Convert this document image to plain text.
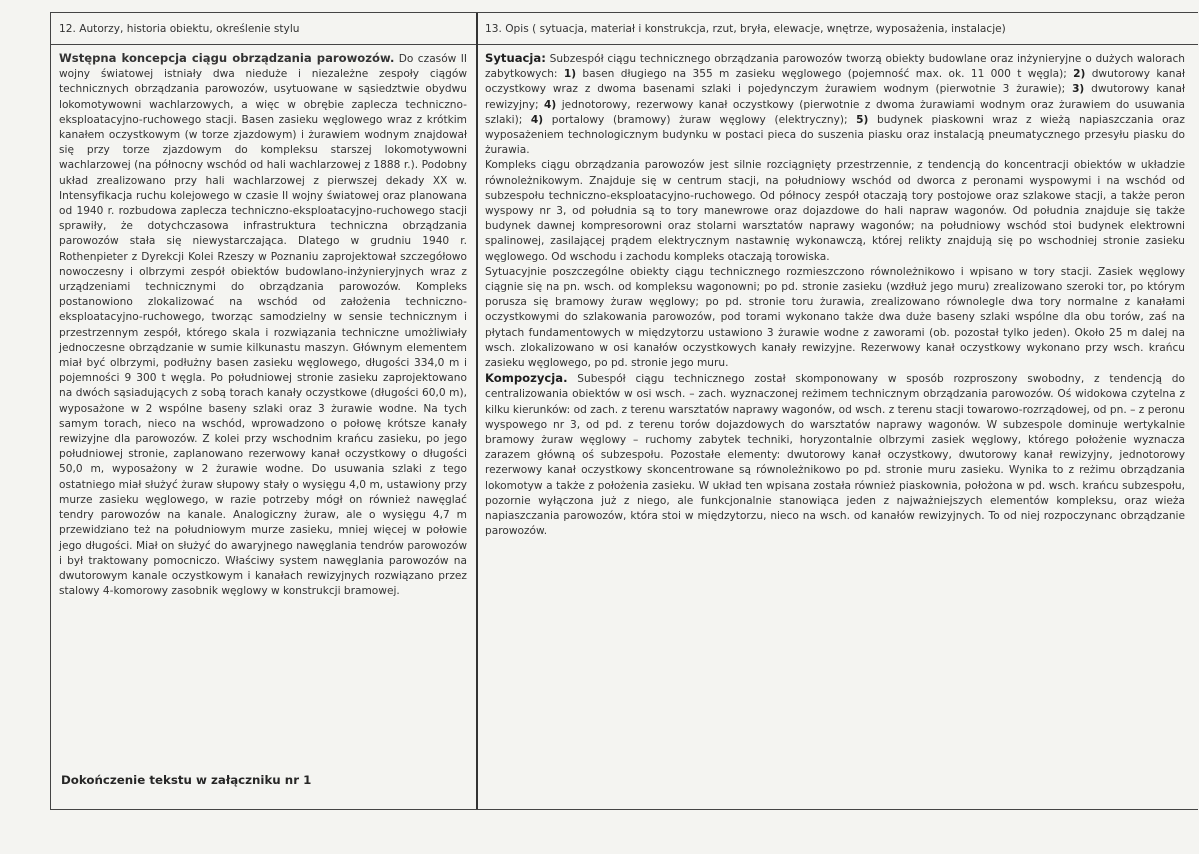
12. Autorzy, historia obiektu, określenie stylu	13. Opis ( sytuacja, materiał i konstrukcja, rzut, bryła, elewacje, wnętrze, wyposażenia, instalacje)

Wstępna koncepcja ciągu obrządzania parowozów. Do czasów II wojny światowej istniały dwa nieduże i niezależne zespoły ciągów technicznych obrządzania parowozów, usytuowane w sąsiedztwie obydwu lokomotywowni wachlarzowych, a więc w obrębie zaplecza techniczno-eksploatacyjno-ruchowego stacji. Basen zasieku węglowego wraz z krótkim kanałem oczystkowym (w torze zjazdowym) i żurawiem wodnym znajdował się przy torze zjazdowym do kompleksu starszej lokomotywowni wachlarzowej (na północny wschód od hali wachlarzowej z 1888 r.). Podobny układ zrealizowano przy hali wachlarzowej z pierwszej dekady XX w. Intensyfikacja ruchu kolejowego w czasie II wojny światowej oraz planowana od 1940 r. rozbudowa zaplecza techniczno-eksploatacyjno-ruchowego stacji sprawiły, że dotychczasowa infrastruktura techniczna obrządzania parowozów stała się niewystarczająca. Dlatego w grudniu 1940 r. Rothenpieter z Dyrekcji Kolei Rzeszy w Poznaniu zaprojektował szczegółowo nowoczesny i olbrzymi zespół obiektów budowlano-inżynieryjnych wraz z urządzeniami technicznymi do obrządzania parowozów. Kompleks postanowiono zlokalizować na wschód od założenia techniczno-eksploatacyjno-ruchowego, tworząc samodzielny w sensie technicznym i przestrzennym zespół, którego skala i rozwiązania techniczne umożliwiały jednoczesne obrządzanie w sumie kilkunastu maszyn. Głównym elementem miał być olbrzymi, podłużny basen zasieku węglowego, długości 334,0 m i pojemności 9 300 t węgla. Po południowej stronie zasieku zaprojektowano na dwóch sąsiadujących z sobą torach kanały oczystkowe (długości 60,0 m), wyposażone w 2 wspólne baseny szlaki oraz 3 żurawie wodne. Na tych samym torach, nieco na wschód, wprowadzono o połowę krótsze kanały rewizyjne dla parowozów. Z kolei przy wschodnim krańcu zasieku, po jego południowej stronie, zaplanowano rezerwowy kanał oczystkowy o długości 50,0 m, wyposażony w 2 żurawie wodne. Do usuwania szlaki z tego ostatniego miał służyć żuraw słupowy stały o wysięgu 4,0 m, ustawiony przy murze zasieku węglowego, w razie potrzeby mógł on również nawęglać tendry parowozów na kanale. Analogiczny żuraw, ale o wysięgu 4,7 m przewidziano też na południowym murze zasieku, mniej więcej w połowie jego długości. Miał on służyć do awaryjnego nawęglania tendrów parowozów i był traktowany pomocniczo. Właściwy system nawęglania parowozów na dwutorowym kanale oczystkowym i kanałach rewizyjnych rozwiązano przez stalowy 4-komorowy zasobnik węglowy w konstrukcji bramowej.

Dokończenie tekstu w załączniku nr 1

Sytuacja: Subzespół ciągu technicznego obrządzania parowozów tworzą obiekty budowlane oraz inżynieryjne o dużych walorach zabytkowych: 1) basen długiego na 355 m zasieku węglowego (pojemność max. ok. 11 000 t węgla); 2) dwutorowy kanał oczystkowy wraz z dwoma basenami szlaki i pojedynczym żurawiem wodnym (pierwotnie 3 żurawie); 3) dwutorowy kanał rewizyjny; 4) jednotorowy, rezerwowy kanał oczystkowy (pierwotnie z dwoma żurawiami wodnym oraz żurawiem do usuwania szlaki); 4) portalowy (bramowy) żuraw węglowy (elektryczny); 5) budynek piaskowni wraz z wieżą napiaszczania oraz wyposażeniem technologicznym budynku w postaci pieca do suszenia piasku oraz instalacją pneumatycznego przesyłu piasku do żurawia.

Kompleks ciągu obrządzania parowozów jest silnie rozciągnięty przestrzennie, z tendencją do koncentracji obiektów w układzie równoleżnikowym. Znajduje się w centrum stacji, na południowy wschód od dworca z peronami wyspowymi i na wschód od subzespołu techniczno-eksploatacyjno-ruchowego. Od północy zespół otaczają tory postojowe oraz szlakowe stacji, a także peron wyspowy nr 3, od południa są to tory manewrowe oraz dojazdowe do hali napraw wagonów. Od południa znajduje się także budynek dawnej kompresorowni oraz stolarni warsztatów naprawy wagonów; na południowy wschód stoi budynek elektrowni spalinowej, zasilającej prądem elektrycznym nastawnię wykonawczą, której relikty znajdują się po wschodniej stronie zasieku węglowego. Od wschodu i zachodu kompleks otaczają torowiska.

Sytuacyjnie poszczególne obiekty ciągu technicznego rozmieszczono równoleżnikowo i wpisano w tory stacji. Zasiek węglowy ciągnie się na pn. wsch. od kompleksu wagonowni; po pd. stronie zasieku (wzdłuż jego muru) zrealizowano szeroki tor, po którym porusza się bramowy żuraw węglowy; po pd. stronie toru żurawia, zrealizowano równolegle dwa tory normalne z kanałami oczystkowymi do szlakowania parowozów, pod torami wykonano także dwa duże baseny szlaki wspólne dla obu torów, zaś na płytach fundamentowych w międzytorzu ustawiono 3 żurawie wodne z zaworami (ob. pozostał tylko jeden). Około 25 m dalej na wsch. zlokalizowano w osi kanałów oczystkowych kanały rewizyjne. Rezerwowy kanał oczystkowy wykonano przy wsch. krańcu zasieku węglowego, po pd. stronie jego muru.

Kompozycja. Subespół ciągu technicznego został skomponowany w sposób rozproszony swobodny, z tendencją do centralizowania obiektów w osi wsch. – zach. wyznaczonej reżimem technicznym obrządzania parowozów. Oś widokowa czytelna z kilku kierunków: od zach. z terenu warsztatów naprawy wagonów, od wsch. z terenu stacji towarowo-rozrządowej, od pn. – z peronu wyspowego nr 3, od pd. z terenu torów dojazdowych do warsztatów naprawy wagonów. W subzespole dominuje wertykalnie bramowy żuraw węglowy – ruchomy zabytek techniki, horyzontalnie olbrzymi zasiek węglowy, którego położenie wyznacza zarazem główną oś subzespołu. Pozostałe elementy: dwutorowy kanał oczystkowy, dwutorowy kanał rewizyjny, jednotorowy rezerwowy kanał oczystkowy skoncentrowane są równoleżnikowo po pd. stronie muru zasieku. Wynika to z reżimu obrządzania lokomotyw a także z położenia zasieku. W układ ten wpisana została również piaskownia, położona w pd. wsch. krańcu subzespołu, pozornie wyłączona już z niego, ale funkcjonalnie stanowiąca jeden z najważniejszych elementów kompleksu, oraz wieża napiaszczania parowozów, która stoi w międzytorzu, nieco na wsch. od kanałów rewizyjnych. To od niej rozpoczynanc obrządzanie parowozów.
